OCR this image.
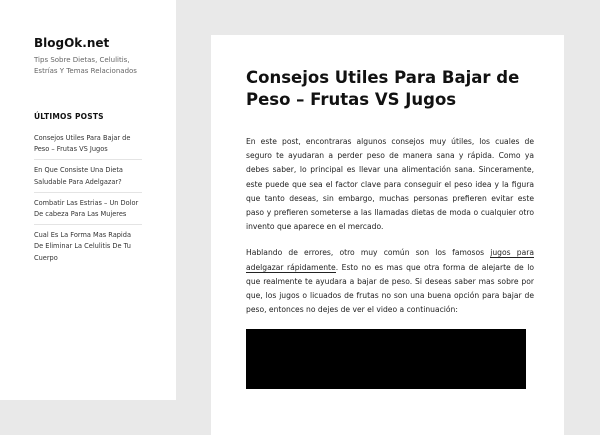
BlogOk.net
Tips Sobre Dietas, Celulitis, Estrías Y Temas Relacionados
ÚLTIMOS POSTS
Consejos Utiles Para Bajar de Peso – Frutas VS Jugos
En Que Consiste Una Dieta Saludable Para Adelgazar?
Combatir Las Estrias – Un Dolor De cabeza Para Las Mujeres
Cual Es La Forma Mas Rapida De Eliminar La Celulitis De Tu Cuerpo
Consejos Utiles Para Bajar de Peso – Frutas VS Jugos

En este post, encontraras algunos consejos muy útiles, los cuales de seguro te ayudaran a perder peso de manera sana y rápida. Como ya debes saber, lo principal es llevar una alimentación sana. Sinceramente, este puede que sea el factor clave para conseguir el peso idea y la figura que tanto deseas, sin embargo, muchas personas prefieren evitar este paso y prefieren someterse a las llamadas dietas de moda o cualquier otro invento que aparece en el mercado.

Hablando de errores, otro muy común son los famosos jugos para adelgazar rápidamente. Esto no es mas que otra forma de alejarte de lo que realmente te ayudara a bajar de peso. Si deseas saber mas sobre por que, los jugos o licuados de frutas no son una buena opción para bajar de peso, entonces no dejes de ver el video a continuación:
